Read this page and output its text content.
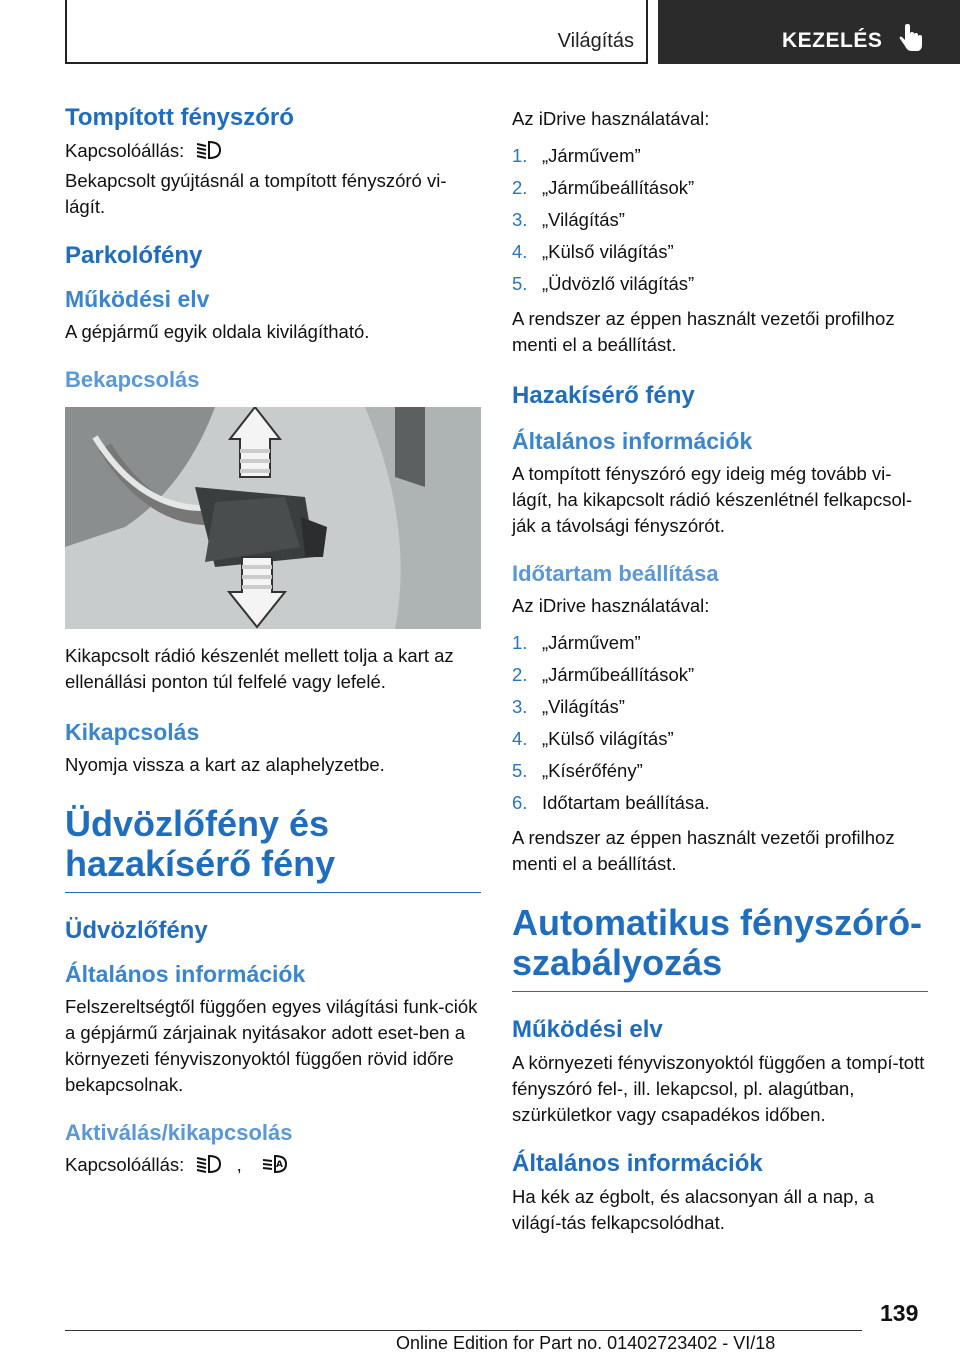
Világítás	KEZELÉS
Tompított fényszóró

Kapcsolóállás:

Bekapcsolt gyújtásnál a tompított fényszóró vi-lágít.

Parkolófény
Működési elv

A gépjármű egyik oldala kivilágítható.

Bekapcsolás

Kikapcsolt rádió készenlét mellett tolja a kart az ellenállási ponton túl felfelé vagy lefelé.

Kikapcsolás

Nyomja vissza a kart az alaphelyzetbe.

Üdvözlőfény és hazakísérő fény
Üdvözlőfény
Általános információk

Felszereltségtől függően egyes világítási funk-ciók a gépjármű zárjainak nyitásakor adott eset-ben a környezeti fényviszonyoktól függően rövid időre bekapcsolnak.

Aktiválás/kikapcsolás

Kapcsolóállás:	,	A

Az iDrive használatával:

1. „Járművem”
2. „Járműbeállítások”
3. „Világítás”
4. „Külső világítás”
5. „Üdvözlő világítás”

A rendszer az éppen használt vezetői profilhoz menti el a beállítást.

Hazakísérő fény
Általános információk

A tompított fényszóró egy ideig még tovább vi-lágít, ha kikapcsolt rádió készenlétnél felkapcsol-ják a távolsági fényszórót.

Időtartam beállítása

Az iDrive használatával:

1. „Járművem”
2. „Járműbeállítások”
3. „Világítás”
4. „Külső világítás”
5. „Kísérőfény”
6. Időtartam beállítása.

A rendszer az éppen használt vezetői profilhoz menti el a beállítást.

Automatikus fényszóró-szabályozás
Működési elv

A környezeti fényviszonyoktól függően a tompí-tott fényszóró fel-, ill. lekapcsol, pl. alagútban, szürkületkor vagy csapadékos időben.

Általános információk

Ha kék az égbolt, és alacsonyan áll a nap, a világí-tás felkapcsolódhat.

139
Online Edition for Part no. 01402723402 - VI/18
